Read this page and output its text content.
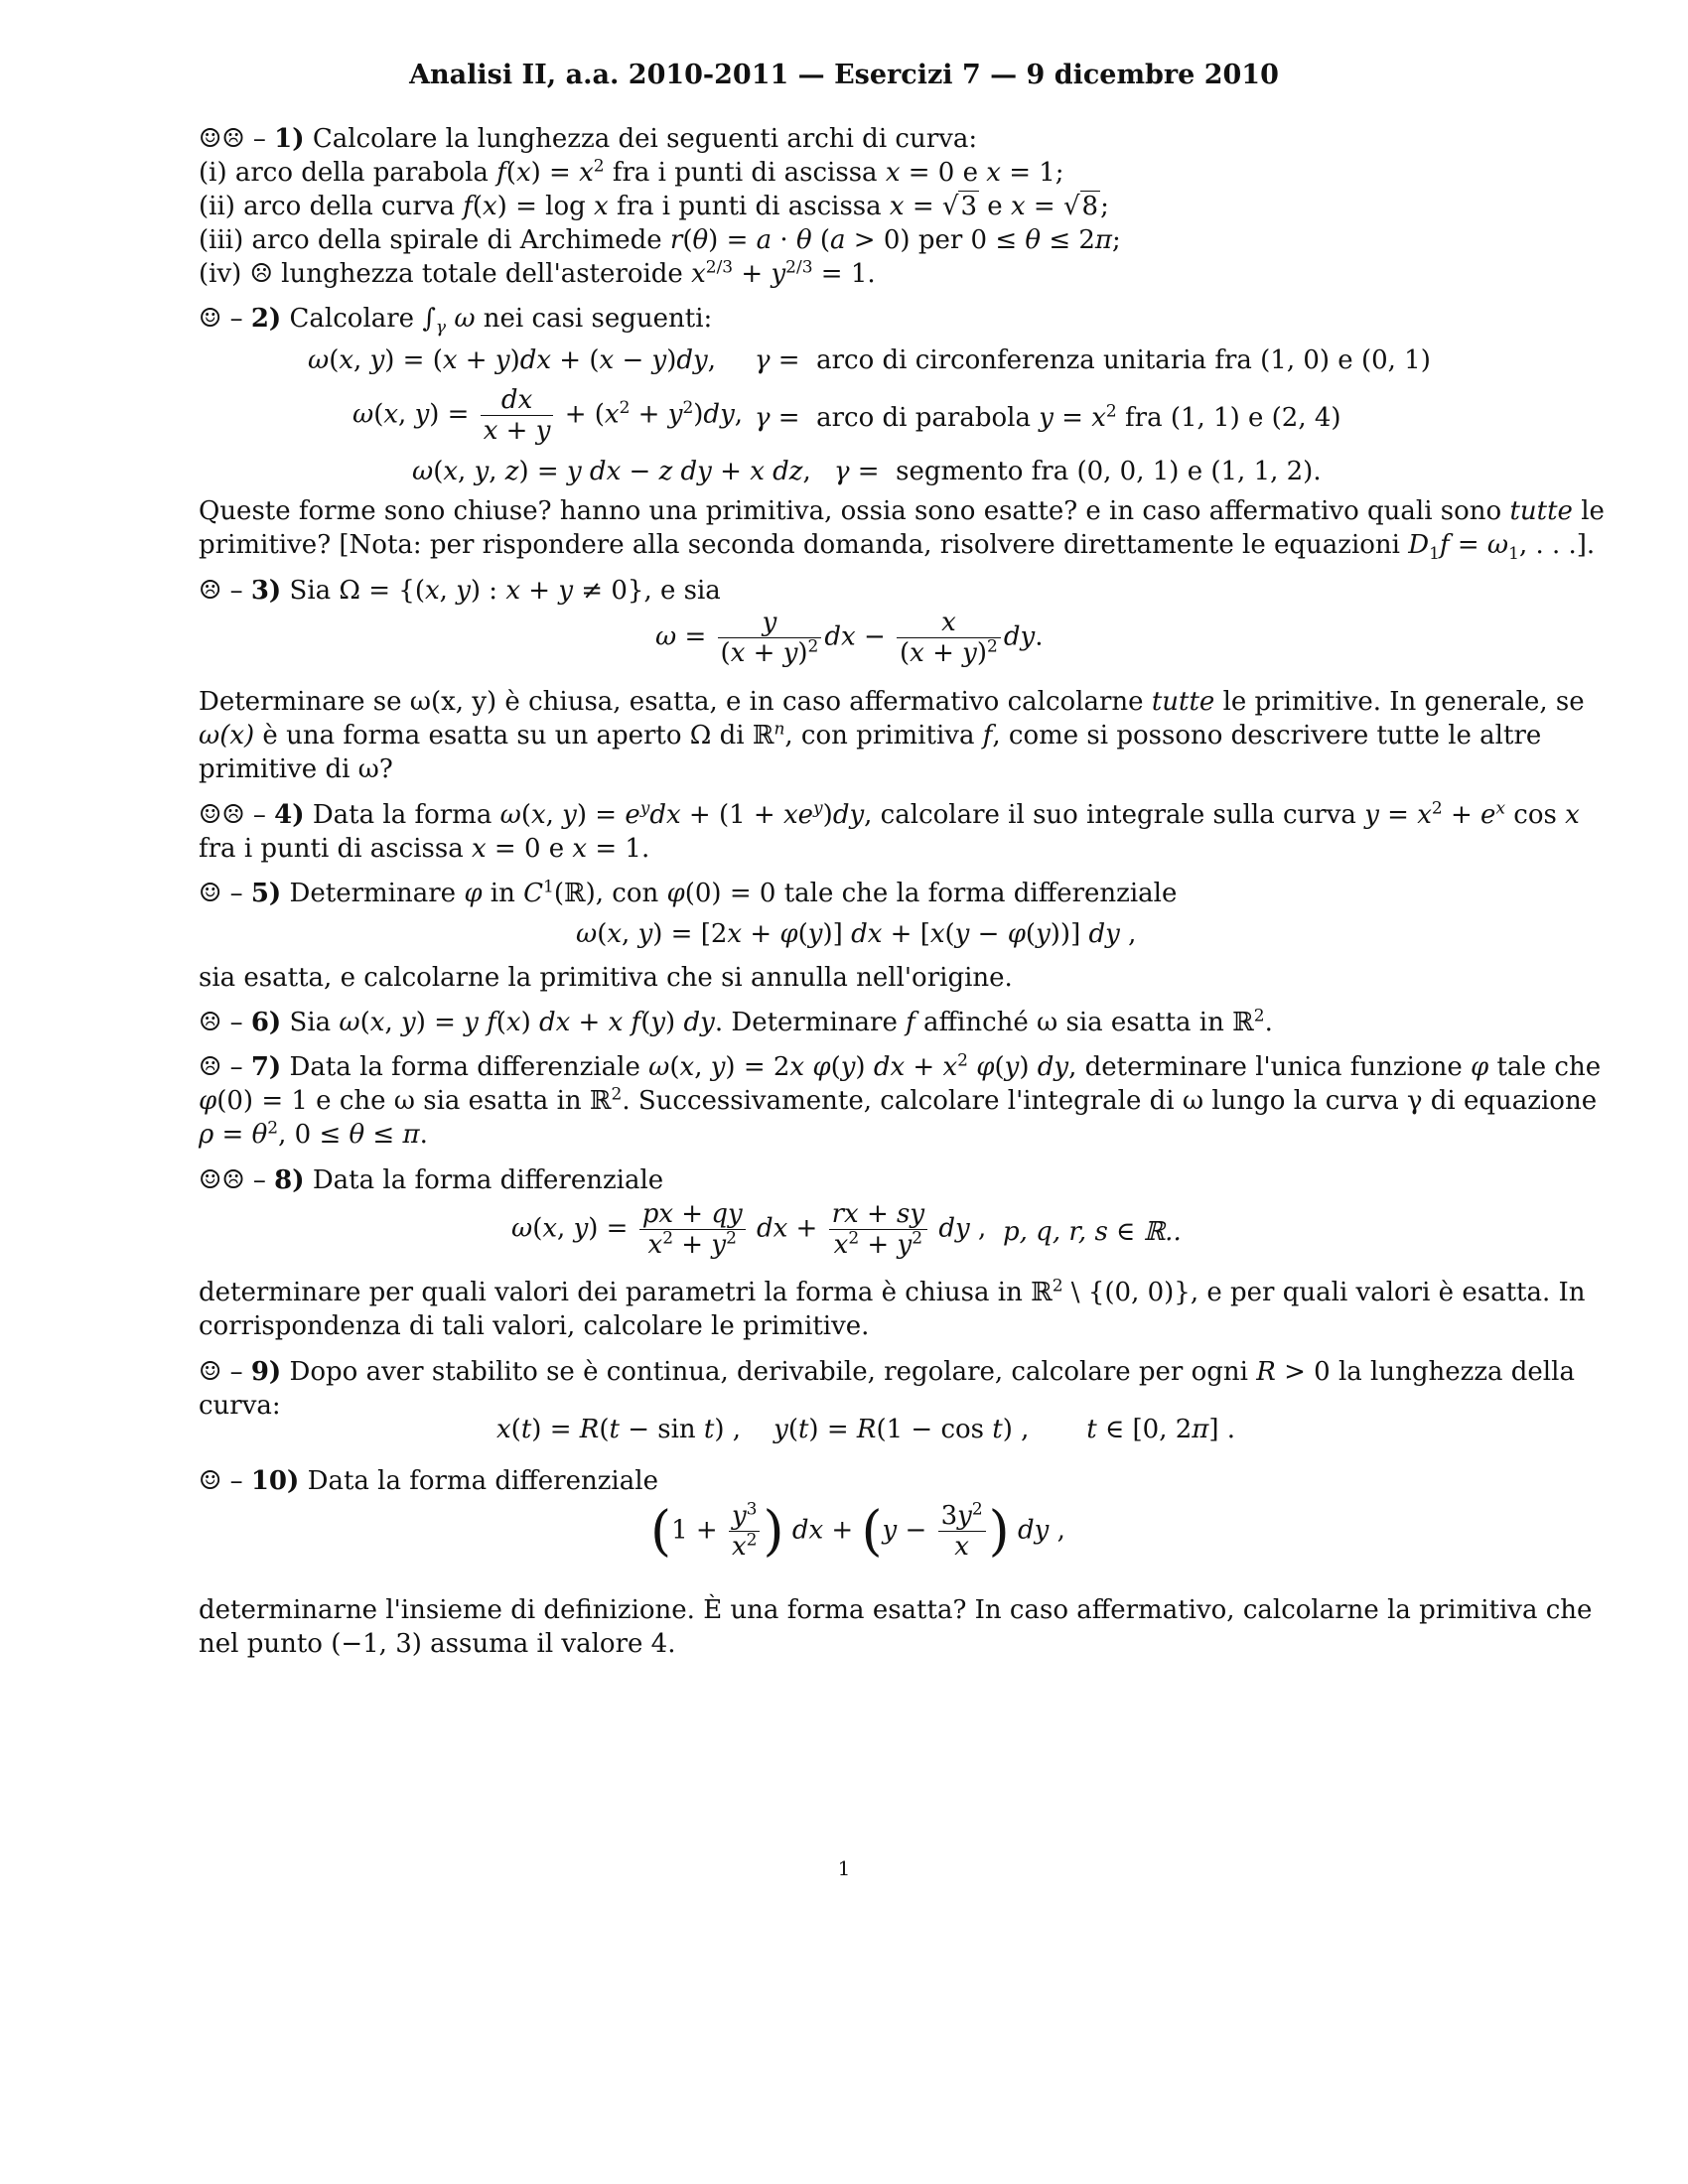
Analisi II, a.a. 2010-2011 — Esercizi 7 — 9 dicembre 2010
☺☹ – 1) Calcolare la lunghezza dei seguenti archi di curva:
(i) arco della parabola $f(x) = x^2$ fra i punti di ascissa x = 0 e x = 1;
(ii) arco della curva f(x) = log x fra i punti di ascissa x = √3 e x = √8;
(iii) arco della spirale di Archimede r(θ) = a · θ (a > 0) per 0 ≤ θ ≤ 2π;
(iv) ☹ lunghezza totale dell'asteroide $x^{2/3} + y^{2/3} = 1$.
☺ – 2) Calcolare $\int_\gamma$ ω nei casi seguenti:
ω(x, y) = (x + y)dx + (x − y)dy, γ = arco di circonferenza unitaria fra (1, 0) e (0, 1)
ω(x, $y) = \frac{dx}{x + y} + (x^2 + y^2)dy$, γ = arco di parabola $y = x^2$ fra (1, 1) e (2, 4)
ω(x, y, z) = y dx − z dy + x dz, γ = segmento fra (0, 0, 1) e (1, 1, 2).
Queste forme sono chiuse? hanno una primitiva, ossia sono esatte? e in caso affermativo quali sono tutte le
primitive? [Nota: per rispondere alla seconda domanda, risolvere direttamente le equazioni $D_1f = \omega_1$, . . .].
☹ – 3) Sia Ω = {(x, y) : x + y ≠ 0}, e sia
$\omega = \frac{y}{(x + y)^2}$ dx − $\frac{x}{(x + y)^2}$ dy.
Determinare se ω(x, y) è chiusa, esatta, e in caso affermativo calcolarne tutte le primitive. In generale, se
ω(x) è una forma esatta su un aperto Ω di ℝ$^n$, con primitiva f, come si possono descrivere tutte le altre
primitive di ω?
☺☹ – 4) Data la forma ω(x, $y) = e^ydx + (1 + xe^y)dy$, calcolare il suo integrale sulla curva $y = x^2 + e^x$ cos x
fra i punti di ascissa x = 0 e x = 1.
☺ – 5) Determinare φ in $C^1(ℝ)$, con φ(0) = 0 tale che la forma differenziale
ω(x, y) = [2x + φ(y)] dx + [x(y − φ(y))] dy ,
sia esatta, e calcolarne la primitiva che si annulla nell'origine.
☹ – 6) Sia ω(x, y) = y f(x) dx + x f(y) dy. Determinare f affinché ω sia esatta in ℝ$^2$.
☹ – 7) Data la forma differenziale ω(x, y) = 2x φ(y) dx + $x^2$ φ(y) dy, determinare l'unica funzione φ tale che
φ(0) = 1 e che ω sia esatta in ℝ$^2$. Successivamente, calcolare l'integrale di ω lungo la curva γ di equazione
$\rho = \theta^2$, 0 ≤ θ ≤ π.
☺☹ – 8) Data la forma differenziale
ω(x, $y) = \frac{px + qy}{x^2 + y^2}$ dx + $\frac{rx + sy}{x^2 + y^2}$ dy , p, q, r, s ∈ ℝ..
determinare per quali valori dei parametri la forma è chiusa in ℝ$^2$ \ {(0, 0)}, e per quali valori è esatta. In
corrispondenza di tali valori, calcolare le primitive.
☺ – 9) Dopo aver stabilito se è continua, derivabile, regolare, calcolare per ogni R > 0 la lunghezza della
curva:
x(t) = R(t − sin t) ,    y(t) = R(1 − cos t) ,       t ∈ [0, 2π] .
☺ – 10) Data la forma differenziale
($1 + \frac{y^3}{x^2}$ ) dx + ($y - \frac{3y^2}{x}$ ) dy ,
determinarne l'insieme di definizione. È una forma esatta? In caso affermativo, calcolarne la primitiva che
nel punto (−1, 3) assuma il valore 4.
1
